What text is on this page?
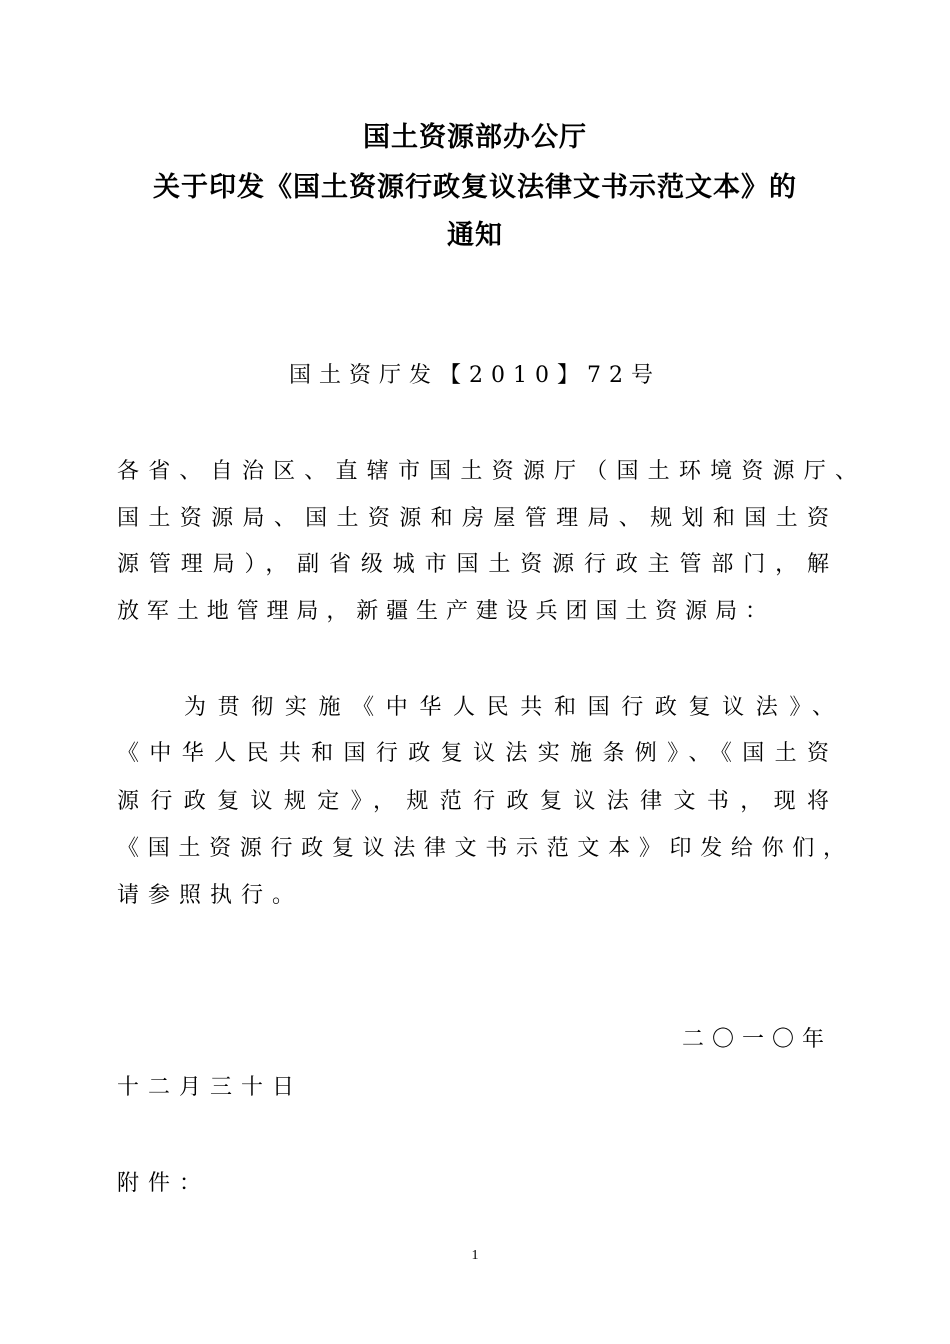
国土资源部办公厅
关于印发《国土资源行政复议法律文书示范文本》的
通知
国土资厅发【2010】72号
各省、自治区、直辖市国土资源厅（国土环境资源厅、
国土资源局、国土资源和房屋管理局、规划和国土资
源管理局），副省级城市国土资源行政主管部门，解
放军土地管理局，新疆生产建设兵团国土资源局：
为贯彻实施《中华人民共和国行政复议法》、
《中华人民共和国行政复议法实施条例》、《国土资
源行政复议规定》，规范行政复议法律文书，现将
《国土资源行政复议法律文书示范文本》印发给你们，
请参照执行。
二〇一〇年
十二月三十日
附件：
1
